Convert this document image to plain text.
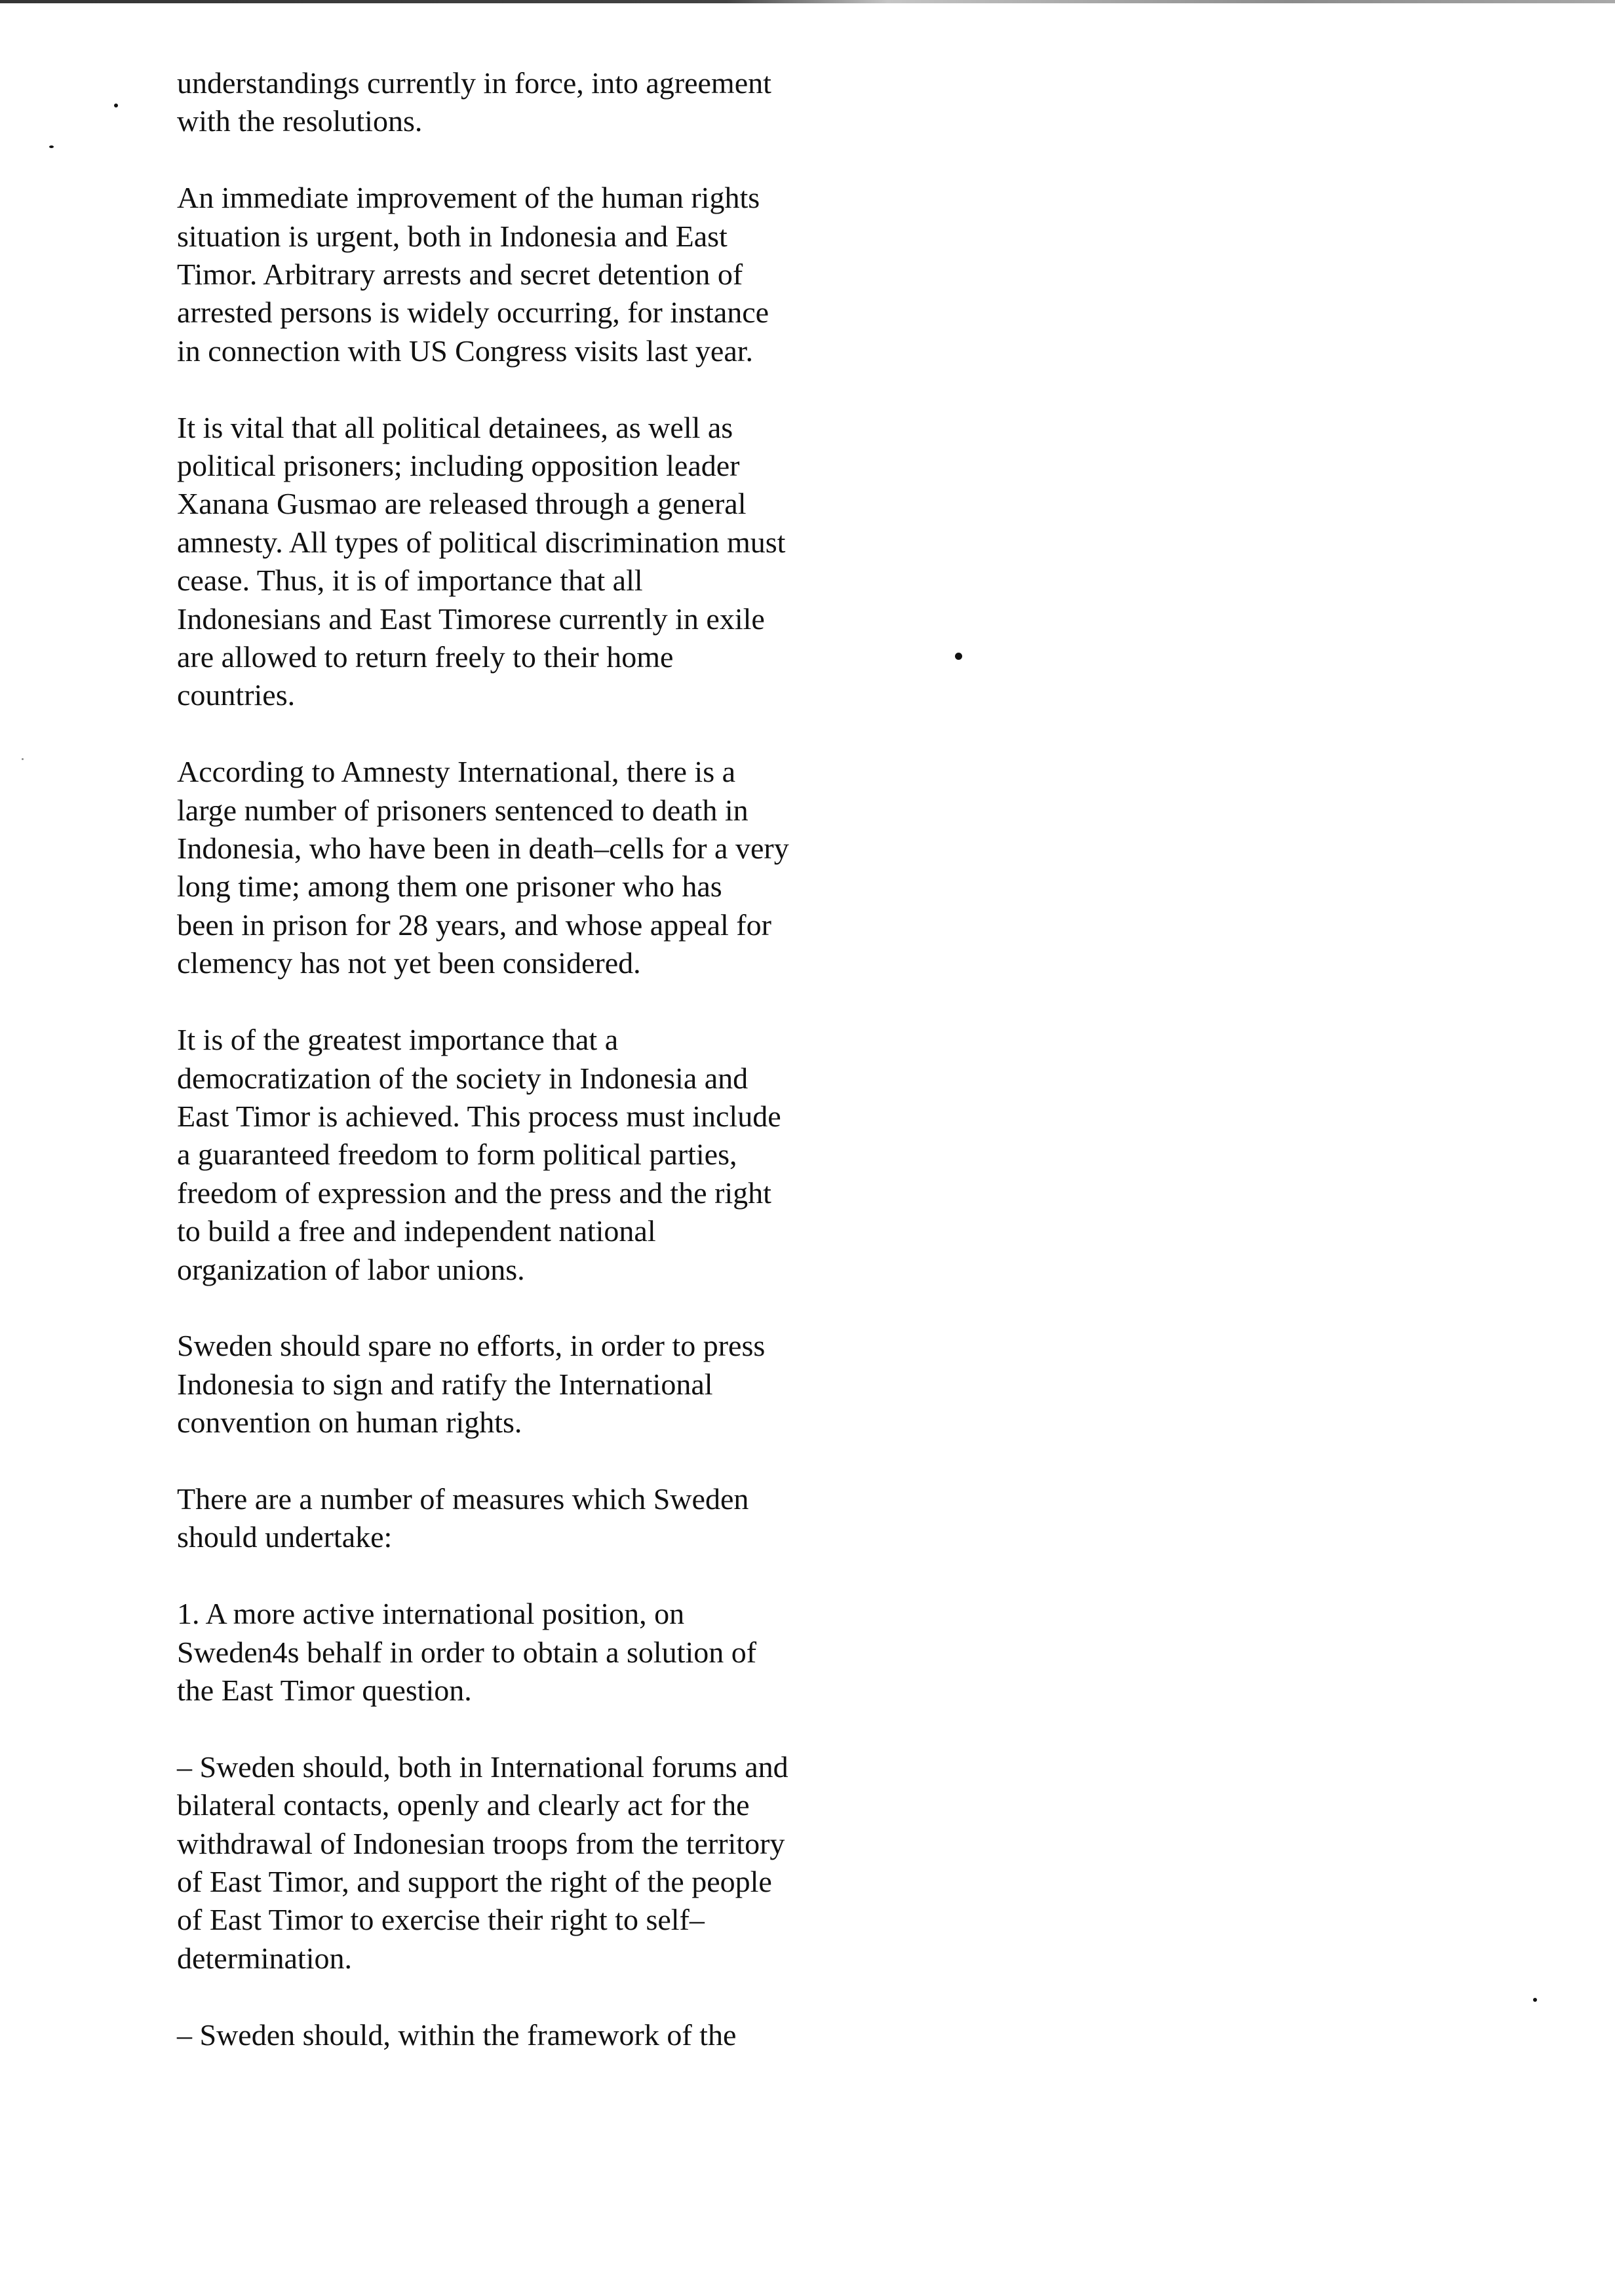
understandings currently in force, into agreement
with the resolutions.

An immediate improvement of the human rights
situation is urgent, both in Indonesia and East
Timor. Arbitrary arrests and secret detention of
arrested persons is widely occurring, for instance
in connection with US Congress visits last year.

It is vital that all political detainees, as well as
political prisoners; including opposition leader
Xanana Gusmao are released through a general
amnesty. All types of political discrimination must
cease. Thus, it is of importance that all
Indonesians and East Timorese currently in exile
are allowed to return freely to their home
countries.

According to Amnesty International, there is a
large number of prisoners sentenced to death in
Indonesia, who have been in death–cells for a very
long time; among them one prisoner who has
been in prison for 28 years, and whose appeal for
clemency has not yet been considered.

It is of the greatest importance that a
democratization of the society in Indonesia and
East Timor is achieved. This process must include
a guaranteed freedom to form political parties,
freedom of expression and the press and the right
to build a free and independent national
organization of labor unions.

Sweden should spare no efforts, in order to press
Indonesia to sign and ratify the International
convention on human rights.

There are a number of measures which Sweden
should undertake:

1. A more active international position, on
Sweden4s behalf in order to obtain a solution of
the East Timor question.

– Sweden should, both in International forums and
bilateral contacts, openly and clearly act for the
withdrawal of Indonesian troops from the territory
of East Timor, and support the right of the people
of East Timor to exercise their right to self–
determination.

– Sweden should, within the framework of the
